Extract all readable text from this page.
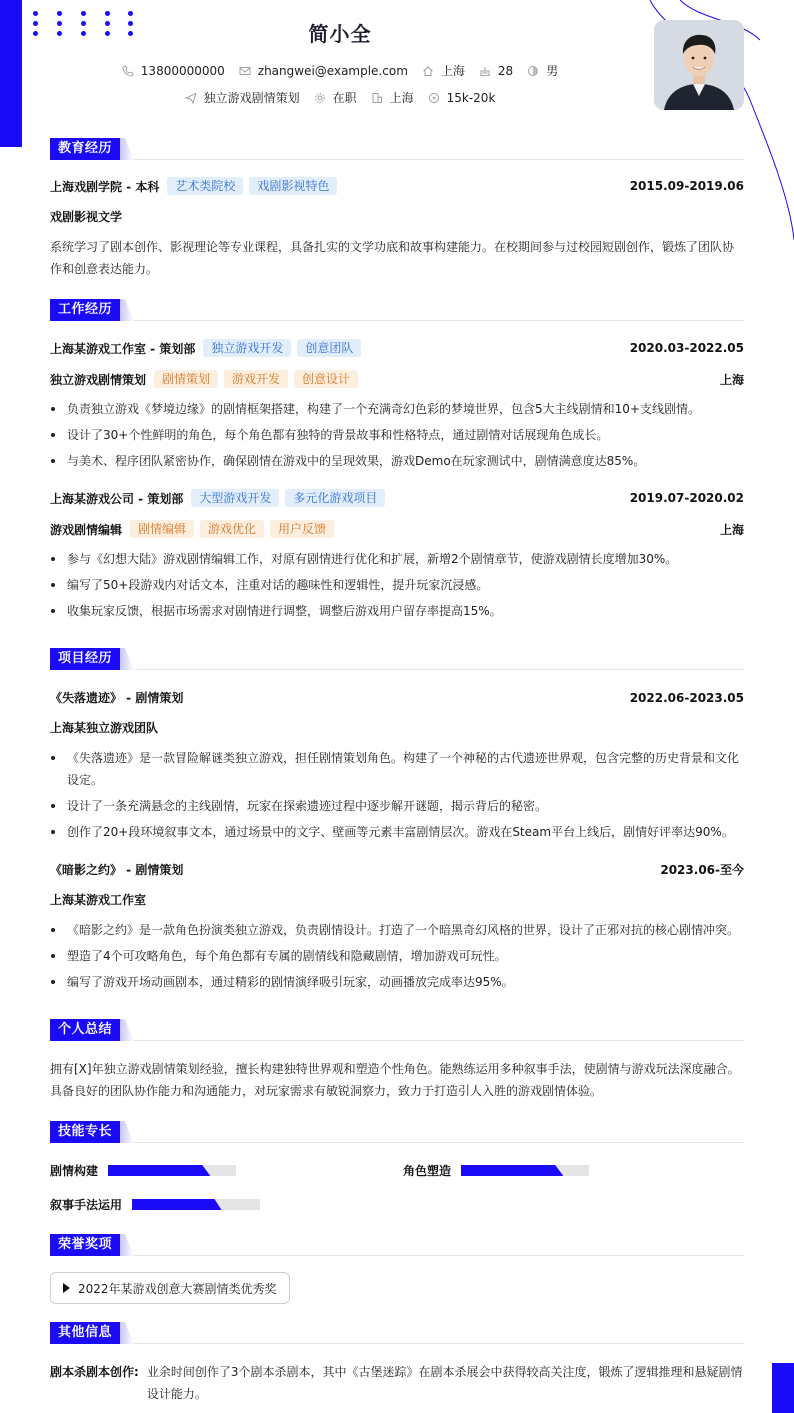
简小全
13800000000	zhangwei@example.com	上海	28	男
独立游戏剧情策划	在职	上海	15k-20k
教育经历
上海戏剧学院 - 本科	艺术类院校	戏剧影视特色	2015.09-2019.06
戏剧影视文学
系统学习了剧本创作、影视理论等专业课程，具备扎实的文学功底和故事构建能力。在校期间参与过校园短剧创作，锻炼了团队协作和创意表达能力。
工作经历
上海某游戏工作室 - 策划部	独立游戏开发	创意团队	2020.03-2022.05
独立游戏剧情策划	剧情策划	游戏开发	创意设计	上海
负责独立游戏《梦境边缘》的剧情框架搭建，构建了一个充满奇幻色彩的梦境世界，包含5大主线剧情和10+支线剧情。
设计了30+个性鲜明的角色，每个角色都有独特的背景故事和性格特点，通过剧情对话展现角色成长。
与美术、程序团队紧密协作，确保剧情在游戏中的呈现效果，游戏Demo在玩家测试中，剧情满意度达85%。
上海某游戏公司 - 策划部	大型游戏开发	多元化游戏项目	2019.07-2020.02
游戏剧情编辑	剧情编辑	游戏优化	用户反馈	上海
参与《幻想大陆》游戏剧情编辑工作，对原有剧情进行优化和扩展，新增2个剧情章节，使游戏剧情长度增加30%。
编写了50+段游戏内对话文本，注重对话的趣味性和逻辑性，提升玩家沉浸感。
收集玩家反馈，根据市场需求对剧情进行调整，调整后游戏用户留存率提高15%。
项目经历
《失落遗迹》 - 剧情策划	2022.06-2023.05
上海某独立游戏团队
《失落遗迹》是一款冒险解谜类独立游戏，担任剧情策划角色。构建了一个神秘的古代遗迹世界观，包含完整的历史背景和文化设定。
设计了一条充满悬念的主线剧情，玩家在探索遗迹过程中逐步解开谜题，揭示背后的秘密。
创作了20+段环境叙事文本，通过场景中的文字、壁画等元素丰富剧情层次。游戏在Steam平台上线后，剧情好评率达90%。
《暗影之约》 - 剧情策划	2023.06-至今
上海某游戏工作室
《暗影之约》是一款角色扮演类独立游戏，负责剧情设计。打造了一个暗黑奇幻风格的世界，设计了正邪对抗的核心剧情冲突。
塑造了4个可攻略角色，每个角色都有专属的剧情线和隐藏剧情，增加游戏可玩性。
编写了游戏开场动画剧本，通过精彩的剧情演绎吸引玩家，动画播放完成率达95%。
个人总结
拥有[X]年独立游戏剧情策划经验，擅长构建独特世界观和塑造个性角色。能熟练运用多种叙事手法，使剧情与游戏玩法深度融合。具备良好的团队协作能力和沟通能力，对玩家需求有敏锐洞察力，致力于打造引人入胜的游戏剧情体验。
技能专长
剧情构建	角色塑造
叙事手法运用
荣誉奖项
2022年某游戏创意大赛剧情类优秀奖
其他信息
剧本杀剧本创作: 业余时间创作了3个剧本杀剧本，其中《古堡迷踪》在剧本杀展会中获得较高关注度，锻炼了逻辑推理和悬疑剧情设计能力。
